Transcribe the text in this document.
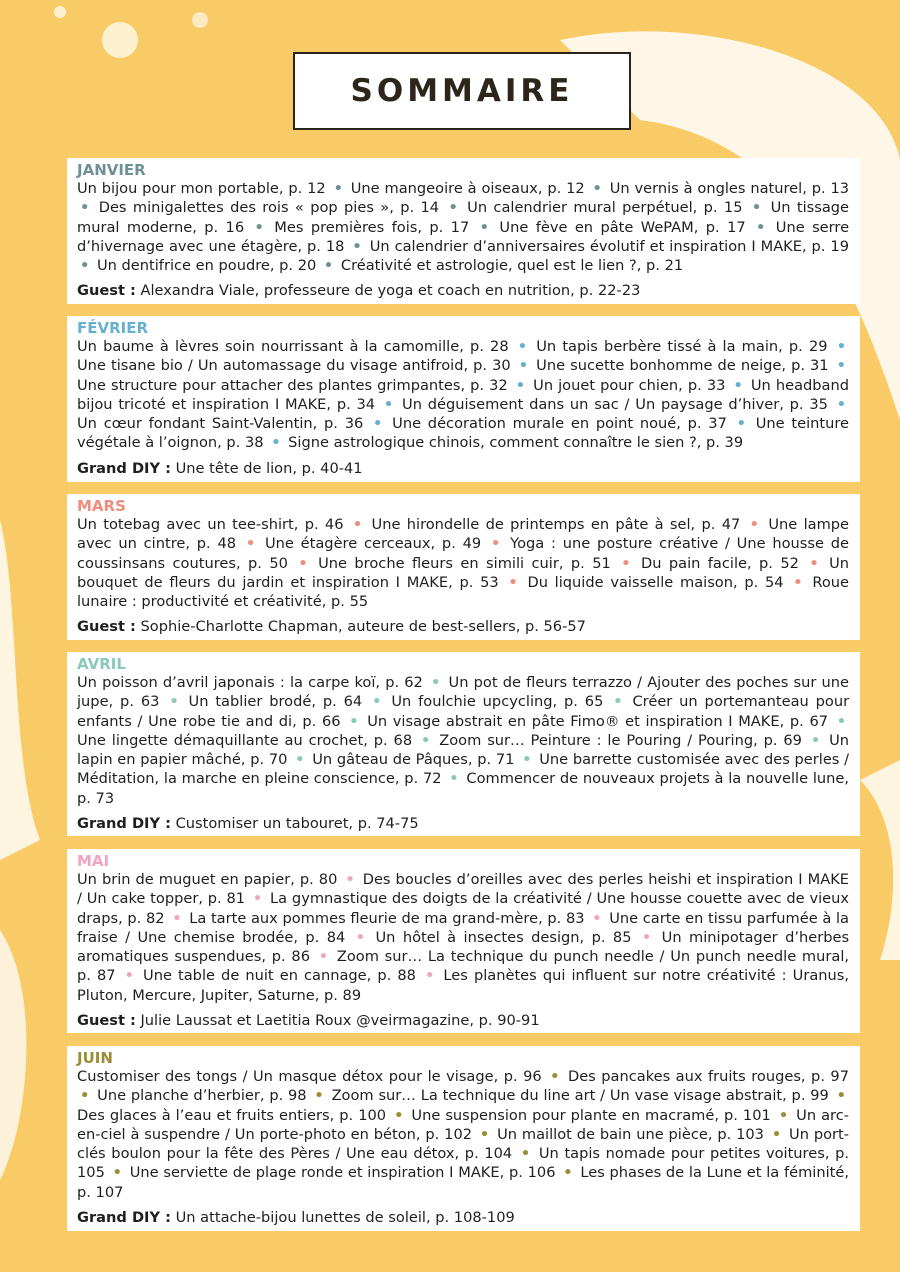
SOMMAIRE
JANVIER
Un bijou pour mon portable, p. 12 • Une mangeoire à oiseaux, p. 12 • Un vernis à ongles naturel, p. 13 • Des minigalettes des rois « pop pies », p. 14 • Un calendrier mural perpétuel, p. 15 • Un tissage mural moderne, p. 16 • Mes premières fois, p. 17 • Une fève en pâte WePAM, p. 17 • Une serre d’hivernage avec une étagère, p. 18 • Un calendrier d’anniversaires évolutif et inspiration I MAKE, p. 19 • Un dentifrice en poudre, p. 20 • Créativité et astrologie, quel est le lien ?, p. 21
Guest : Alexandra Viale, professeure de yoga et coach en nutrition, p. 22-23
FÉVRIER
Un baume à lèvres soin nourrissant à la camomille, p. 28 • Un tapis berbère tissé à la main, p. 29 • Une tisane bio / Un automassage du visage antifroid, p. 30 • Une sucette bonhomme de neige, p. 31 • Une structure pour attacher des plantes grimpantes, p. 32 • Un jouet pour chien, p. 33 • Un headband bijou tricoté et inspiration I MAKE, p. 34 • Un déguisement dans un sac / Un paysage d’hiver, p. 35 • Un cœur fondant Saint-Valentin, p. 36 • Une décoration murale en point noué, p. 37 • Une teinture végétale à l’oignon, p. 38 • Signe astrologique chinois, comment connaître le sien ?, p. 39
Grand DIY : Une tête de lion, p. 40-41
MARS
Un totebag avec un tee-shirt, p. 46 • Une hirondelle de printemps en pâte à sel, p. 47 • Une lampe avec un cintre, p. 48 • Une étagère cerceaux, p. 49 • Yoga : une posture créative / Une housse de coussinsans coutures, p. 50 • Une broche fleurs en simili cuir, p. 51 • Du pain facile, p. 52 • Un bouquet de fleurs du jardin et inspiration I MAKE, p. 53 • Du liquide vaisselle maison, p. 54 • Roue lunaire : productivité et créativité, p. 55
Guest : Sophie-Charlotte Chapman, auteure de best-sellers, p. 56-57
AVRIL
Un poisson d’avril japonais : la carpe koï, p. 62 • Un pot de fleurs terrazzo / Ajouter des poches sur une jupe, p. 63 • Un tablier brodé, p. 64 • Un foulchie upcycling, p. 65 • Créer un portemanteau pour enfants / Une robe tie and di, p. 66 • Un visage abstrait en pâte Fimo® et inspiration I MAKE, p. 67 • Une lingette démaquillante au crochet, p. 68 • Zoom sur… Peinture : le Pouring / Pouring, p. 69 • Un lapin en papier mâché, p. 70 • Un gâteau de Pâques, p. 71 • Une barrette customisée avec des perles / Méditation, la marche en pleine conscience, p. 72 • Commencer de nouveaux projets à la nouvelle lune, p. 73
Grand DIY : Customiser un tabouret, p. 74-75
MAI
Un brin de muguet en papier, p. 80 • Des boucles d’oreilles avec des perles heishi et inspiration I MAKE / Un cake topper, p. 81 • La gymnastique des doigts de la créativité / Une housse couette avec de vieux draps, p. 82 • La tarte aux pommes fleurie de ma grand-mère, p. 83 • Une carte en tissu parfumée à la fraise / Une chemise brodée, p. 84 • Un hôtel à insectes design, p. 85 • Un minipotager d’herbes aromatiques suspendues, p. 86 • Zoom sur… La technique du punch needle / Un punch needle mural, p. 87 • Une table de nuit en cannage, p. 88 • Les planètes qui influent sur notre créativité : Uranus, Pluton, Mercure, Jupiter, Saturne, p. 89
Guest : Julie Laussat et Laetitia Roux @veirmagazine, p. 90-91
JUIN
Customiser des tongs / Un masque détox pour le visage, p. 96 • Des pancakes aux fruits rouges, p. 97 • Une planche d’herbier, p. 98 • Zoom sur… La technique du line art / Un vase visage abstrait, p. 99 • Des glaces à l’eau et fruits entiers, p. 100 • Une suspension pour plante en macramé, p. 101 • Un arc-en-ciel à suspendre / Un porte-photo en béton, p. 102 • Un maillot de bain une pièce, p. 103 • Un port-clés boulon pour la fête des Pères / Une eau détox, p. 104 • Un tapis nomade pour petites voitures, p. 105 • Une serviette de plage ronde et inspiration I MAKE, p. 106 • Les phases de la Lune et la féminité, p. 107
Grand DIY : Un attache-bijou lunettes de soleil, p. 108-109
